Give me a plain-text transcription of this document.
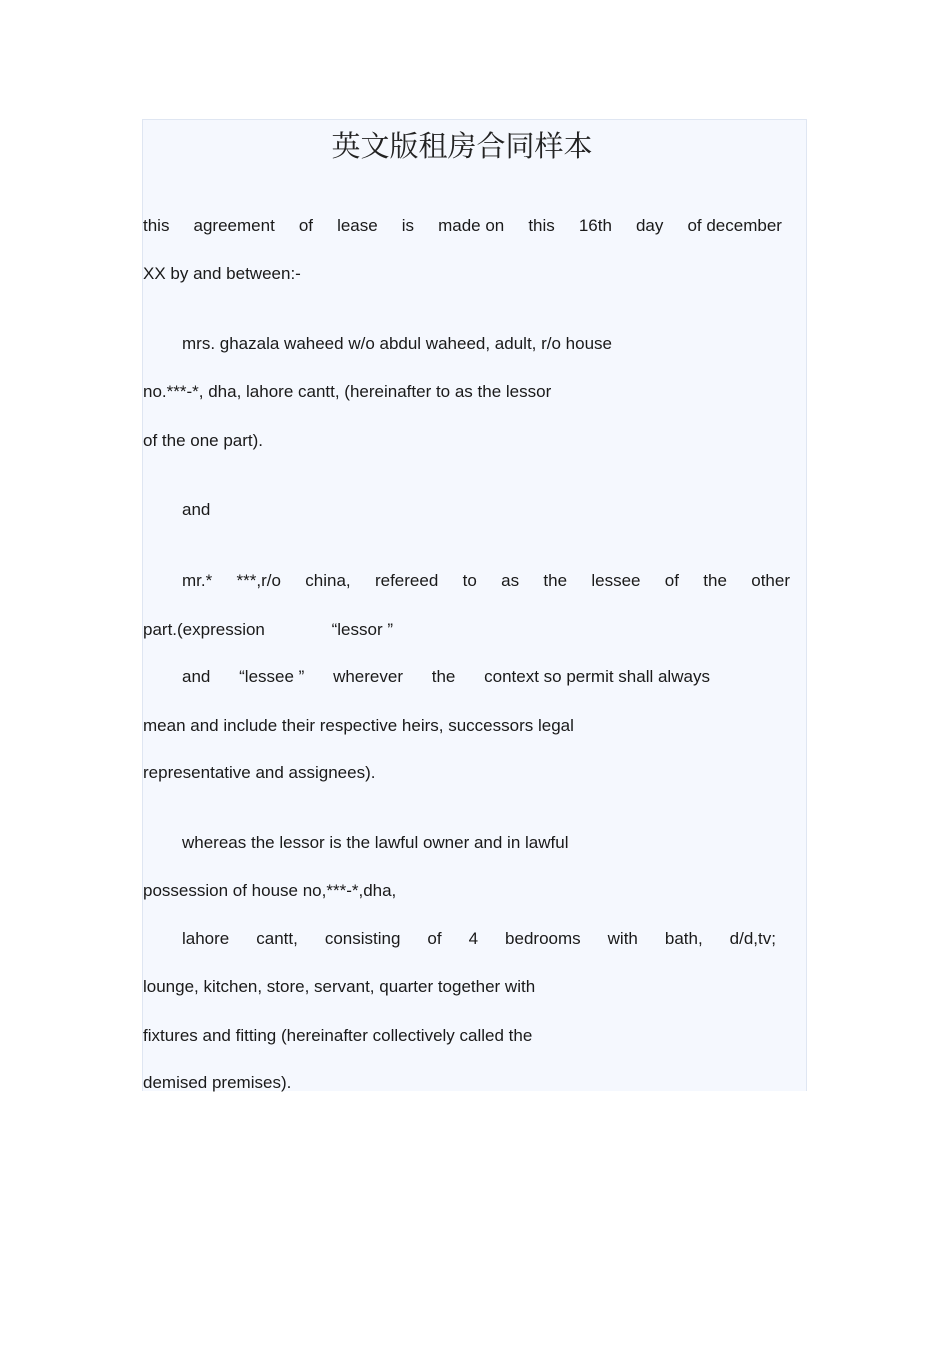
英文版租房合同样本
this agreement of lease is made on this 16th day of december
XX by and between:-
mrs. ghazala waheed w/o abdul waheed, adult, r/o house
no.***-*, dha, lahore cantt, (hereinafter to as the lessor
of the one part).
and
mr.* ***,r/o china, refereed to as the lessee of the other
part.(expression	“lessor ”
and “lessee ” wherever the context so permit shall always
mean and include their respective heirs, successors legal
representative and assignees).
whereas the lessor is the lawful owner and in lawful
possession of house no,***-*,dha,
lahore cantt, consisting of 4 bedrooms with bath, d/d,tv;
lounge, kitchen, store, servant, quarter together with
fixtures and fitting (hereinafter collectively called the
demised premises).
